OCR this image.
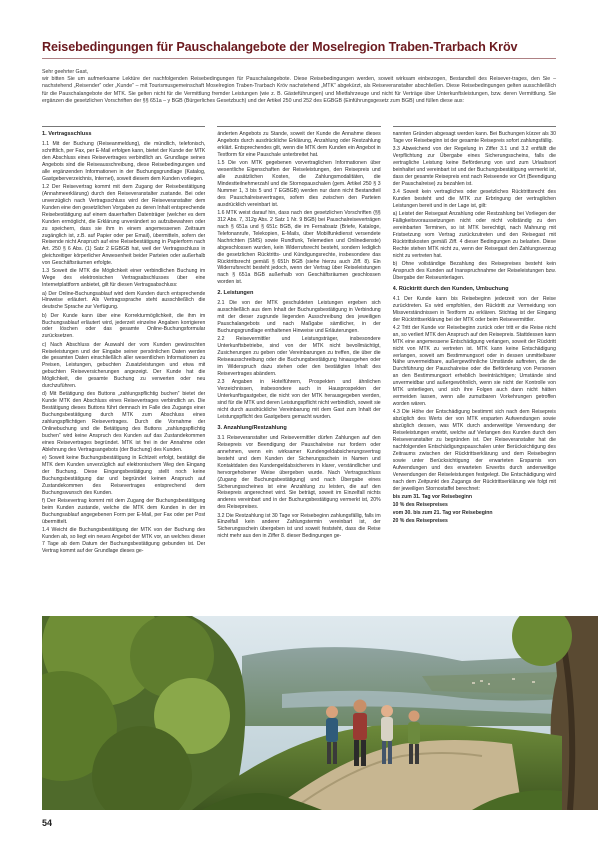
Reisebedingungen für Pauschalangebote der Moselregion Traben-Trarbach Kröv

Sehr geehrter Gast,

wir bitten Sie um aufmerksame Lektüre der nachfolgenden Reisebedingungen für Pauschalangebote. Diese Reisebedingungen werden, soweit wirksam einbezogen, Bestandteil des Reisever-trages, den Sie – nachstehend „Reisender“ oder „Kunde“ – mit Tourismusgemeinschaft Moselregion Traben-Trarbach Kröv nachstehend „MTK“ abgekürzt, als Reiseveranstalter abschließen. Diese Reisebedingungen gelten ausschließlich für die Pauschalangebote der MTK. Sie gelten nicht für die Vermittlung fremder Leistungen (wie z. B. Gästeführungen) und Mietfahrzeuge und nicht für Verträge über Unterkunftsleistungen, bzw. deren Vermittlung. Sie ergänzen die gesetzlichen Vorschriften der §§ 651a – y BGB (Bürgerliches Gesetzbuch) und der Artikel 250 und 252 des EGBGB (Einführungsgesetz zum BGB) und füllen diese aus:

1. Vertragsschluss

1.1 Mit der Buchung (Reiseanmeldung), die mündlich, telefonisch, schriftlich, per Fax, per E-Mail erfolgen kann, bietet der Kunde der MTK den Abschluss eines Reisevertrages verbindlich an. Grundlage seines Angebots sind die Reiseausschreibung, diese Reisebedingungen und alle ergänzenden Informationen in der Buchungsgrundlage (Katalog, Gastgeberverzeichnis, Internet), soweit diesem dem Kunden vorliegen.

1.2 Der Reisevertrag kommt mit dem Zugang der Reisebestätigung (Annahmeerklärung) durch den Reiseveranstalter zustande. Bei oder unverzüglich nach Vertragsschluss wird der Reiseveranstalter dem Kunden eine den gesetzlichen Vorgaben zu deren Inhalt entsprechende Reisebestätigung auf einem dauerhaften Datenträger (welcher es dem Kunden ermöglicht, die Erklärung unverändert so aufzubewahren oder zu speichern, dass sie ihm in einem angemessenen Zeitraum zugänglich ist, z.B. auf Papier oder per Email), übermitteln, sofern der Reisende nicht Anspruch auf eine Reisebestätigung in Papierform nach Art. 250 § 6 Abs. (1) Satz 2 EGBGB hat, weil der Vertragsschluss in gleichzeitiger körperlicher Anwesenheit beider Parteien oder außerhalb von Geschäftsräumen erfolgte.

1.3 Soweit die MTK die Möglichkeit einer verbindlichen Buchung im Wege des elektronischen Vertragsabschlusses über eine Internetplattform anbietet, gilt für diesen Vertragsabschluss:

a) Der Online-Buchungsablauf wird dem Kunden durch entsprechende Hinweise erläutert. Als Vertragssprache steht ausschließlich die deutsche Sprache zur Verfügung.

b) Der Kunde kann über eine Korrekturmöglichkeit, die ihm im Buchungsablauf erläutert wird, jederzeit einzelne Angaben korrigieren oder löschen oder das gesamte Online-Buchungsformular zurücksetzen.

c) Nach Abschluss der Auswahl der vom Kunden gewünschten Reiseleistungen und der Eingabe seiner persönlichen Daten werden die gesamten Daten einschließlich aller wesentlichen Informationen zu Preisen, Leistungen, gebuchten Zusatzleistungen und etwa mit gebuchten Reiseversicherungen angezeigt. Der Kunde hat die Möglichkeit, die gesamte Buchung zu verwerten oder neu durchzuführen.

d) Mit Betätigung des Buttons „zahlungspflichtig buchen“ bietet der Kunde MTK den Abschluss eines Reisevertrages verbindlich an. Die Bestätigung dieses Buttons führt demnach im Falle des Zugangs einer Buchungsbestätigung durch MTK zum Abschluss eines zahlungspflichtigen Reisevertrages. Durch die Vornahme der Onlinebuchung und die Betätigung des Buttons „zahlungspflichtig buchen“ wird keine Anspruch des Kunden auf das Zustandekommen eines Reisevertrages begründet. MTK ist frei in der Annahme oder Ablehnung des Vertragsangebots (der Buchung) des Kunden.

e) Soweit keine Buchungsbestätigung in Echtzeit erfolgt, bestätigt die MTK dem Kunden unverzüglich auf elektronischem Weg den Eingang der Buchung. Diese Eingangsbestätigung stellt noch keine Buchungsbestätigung dar und begründet keinen Anspruch auf Zustandekommen des Reisevertrages entsprechend dem Buchungswunsch des Kunden.

f) Der Reisevertrag kommt mit dem Zugang der Buchungsbestätigung beim Kunden zustande, welche die MTK dem Kunden in der im Buchungsablauf angegebenen Form per E-Mail, per Fax oder per Post übermittelt.

1.4 Weicht die Buchungsbestätigung der MTK von der Buchung des Kunden ab, so liegt ein neues Angebot der MTK vor, an welches dieser 7 Tage ab dem Datum der Buchungsbestätigung gebunden ist. Der Vertrag kommt auf der Grundlage dieses ge-

änderten Angebots zu Stande, soweit der Kunde die Annahme dieses Angebots durch ausdrückliche Erklärung, Anzahlung oder Restzahlung erklärt. Entsprechendes gilt, wenn die MTK dem Kunden ein Angebot in Textform für eine Pauschale unterbreitet hat.

1.5 Die von MTK gegebenen vorvertraglichen Informationen über wesentliche Eigenschaften der Reiseleistungen, den Reisepreis und alle zusätzlichen Kosten, die Zahlungsmodalitäten, die Mindestteilnehmerzahl und die Stornopauschalen (gem. Artikel 250 § 3 Nummer 1, 3 bis 5 und 7 EGBGB) werden nur dann nicht Bestandteil des Pauschalreisevertrages, sofern dies zwischen den Parteien ausdrücklich vereinbart ist.

1.6 MTK weist darauf hin, dass nach den gesetzlichen Vorschriften (§§ 312 Abs. 7, 312g Abs. 2 Satz 1 Nr. 9 BGB) bei Pauschalreiseverträgen nach § 651a und § 651c BGB, die im Fernabsatz (Briefe, Kataloge, Telefonanrufe, Telekopien, E-Mails, über Mobilfunkdienst versendete Nachrichten (SMS) sowie Rundfunk, Telemedien und Onlinedienste) abgeschlossen wurden, kein Widerrufsrecht besteht, sondern lediglich die gesetzlichen Rücktritts- und Kündigungsrechte, insbesondere das Rücktrittsrecht gemäß § 651h BGB (siehe hierzu auch Ziff. 8). Ein Widerrufsrecht besteht jedoch, wenn der Vertrag über Reiseleistungen nach § 651a BGB außerhalb von Geschäftsräumen geschlossen worden ist.

2. Leistungen

2.1 Die von der MTK geschuldeten Leistungen ergeben sich ausschließlich aus dem Inhalt der Buchungsbestätigung in Verbindung mit der dieser zugrunde liegenden Ausschreibung des jeweiligen Pauschalangebots und nach Maßgabe sämtlicher, in der Buchungsgrundlage enthaltenen Hinweise und Erläuterungen.

2.2 Reisevermittler und Leistungsträger, insbesondere Unterkunftsbetriebe, sind von der MTK nicht bevollmächtigt, Zusicherungen zu geben oder Vereinbarungen zu treffen, die über die Reiseausschreibung oder die Buchungsbestätigung hinausgehen oder im Widerspruch dazu stehen oder den bestätigten Inhalt des Reisevertrages abändern.

2.3 Angaben in Hotelführern, Prospekten und ähnlichen Verzeichnissen, insbesondere auch in Hausprospekten der Unterkunftsgastgeber, die nicht von der MTK herausgegeben werden, sind für die MTK und deren Leistungspflicht nicht verbindlich, soweit sie nicht durch ausdrückliche Vereinbarung mit dem Gast zum Inhalt der Leistungspflicht des Gastgebers gemacht wurden.

3. Anzahlung/Restzahlung

3.1 Reiseveranstalter und Reisevermittler dürfen Zahlungen auf den Reisepreis vor Beendigung der Pauschalreise nur fordern oder annehmen, wenn ein wirksamer Kundengeldabsicherungsvertrag besteht und dem Kunden der Sicherungsschein in Namen und Kontaktdaten des Kundengeldabsicherers in klarer, verständlicher und hervorgehobener Weise übergeben wurde. Nach Vertragsschluss (Zugang der Buchungsbestätigung) und nach Übergabe eines Sicherungsscheines ist eine Anzahlung zu leisten, die auf den Reisepreis angerechnet wird. Sie beträgt, soweit im Einzelfall nichts anderes vereinbart und in der Buchungsbestätigung vermerkt ist, 20% des Reisepreises.

3.2 Die Restzahlung ist 30 Tage vor Reisebeginn zahlungsfällig, falls im Einzelfall kein anderer Zahlungstermin vereinbart ist, der Sicherungsschein übergeben ist und soweit feststeht, dass die Reise nicht mehr aus den in Ziffer 8. dieser Bedingungen ge-

nannten Gründen abgesagt werden kann. Bei Buchungen kürzer als 30 Tage vor Reisebeginn ist der gesamte Reisepreis sofort zahlungsfällig.

3.3 Abweichend von der Regelung in Ziffer 3.1 und 3.2 entfällt die Verpflichtung zur Übergabe eines Sicherungsscheins, falls die vertragliche Leistung keine Beförderung von und zum Urlaubsort beinhaltet und vereinbart ist und der Buchungsbestätigung vermerkt ist, dass der gesamte Reisepreis erst nach Reiseende vor Ort (Beendigung der Pauschalreise) zu bezahlen ist.

3.4 Soweit kein vertragliches oder gesetzliches Rücktrittsrecht des Kunden besteht und die MTK zur Erbringung der vertraglichen Leistungen bereit und in der Lage ist, gilt:

a) Leistet der Reisegast Anzahlung oder Restzahlung bei Vorliegen der Fälligkeitsvoraussetzungen nicht oder nicht vollständig zu den vereinbarten Terminen, so ist MTK berechtigt, nach Mahnung mit Fristsetzung vom Vertrag zurückzutreten und den Reisegast mit Rücktrittskosten gemäß Ziff. 4 dieser Bedingungen zu belasten. Diese Rechte stehen MTK nicht zu, wenn der Reisegast den Zahlungsverzug nicht zu vertreten hat.

b) Ohne vollständige Bezahlung des Reisepreises besteht kein Anspruch des Kunden auf Inanspruchnahme der Reiseleistungen bzw. Übergabe der Reiseunterlagen.

4. Rücktritt durch den Kunden, Umbuchung

4.1 Der Kunde kann bis Reisebeginn jederzeit von der Reise zurücktreten. Es wird empfohlen, den Rücktritt zur Vermeidung von Missverständnissen in Textform zu erklären. Stichtag ist der Eingang der Rücktrittserklärung bei der MTK oder beim Reisevermittler.

4.2 Tritt der Kunde vor Reisebeginn zurück oder tritt er die Reise nicht an, so verliert MTK den Anspruch auf den Reisepreis. Stattdessen kann MTK eine angemessene Entschädigung verlangen, soweit der Rücktritt nicht von MTK zu vertreten ist. MTK kann keine Entschädigung verlangen, soweit am Bestimmungsort oder in dessen unmittelbarer Nähe unvermeidbare, außergewöhnliche Umstände auftreten, die die Durchführung der Pauschalreise oder die Beförderung von Personen an den Bestimmungsort erheblich beeinträchtigen; Umstände sind unvermeidbar und außergewöhnlich, wenn sie nicht der Kontrolle von MTK unterliegen, und sich ihre Folgen auch dann nicht hätten vermeiden lassen, wenn alle zumutbaren Vorkehrungen getroffen worden wären.

4.3 Die Höhe der Entschädigung bestimmt sich nach dem Reisepreis abzüglich des Werts der von MTK ersparten Aufwendungen sowie abzüglich dessen, was MTK durch anderweitige Verwendung der Reiseleistungen erwirbt, welche auf Verlangen des Kunden durch den Reiseveranstalter zu begründen ist. Der Reiseveranstalter hat die nachfolgenden Entschädigungspauschalen unter Berücksichtigung des Zeitraums zwischen der Rücktrittserklärung und dem Reisebeginn sowie unter Berücksichtigung der erwarteten Ersparnis von Aufwendungen und des erwarteten Erwerbs durch anderweitige Verwendungen der Reiseleistungen festgelegt. Die Entschädigung wird nach dem Zeitpunkt des Zugangs der Rücktrittserklärung wie folgt mit der jeweiligen Stornostaffel berechnet:

bis zum 31. Tag vor Reisebeginn

10 % des Reisepreises

vom 30. bis zum 21. Tag vor Reisebeginn

20 % des Reisepreises

54
